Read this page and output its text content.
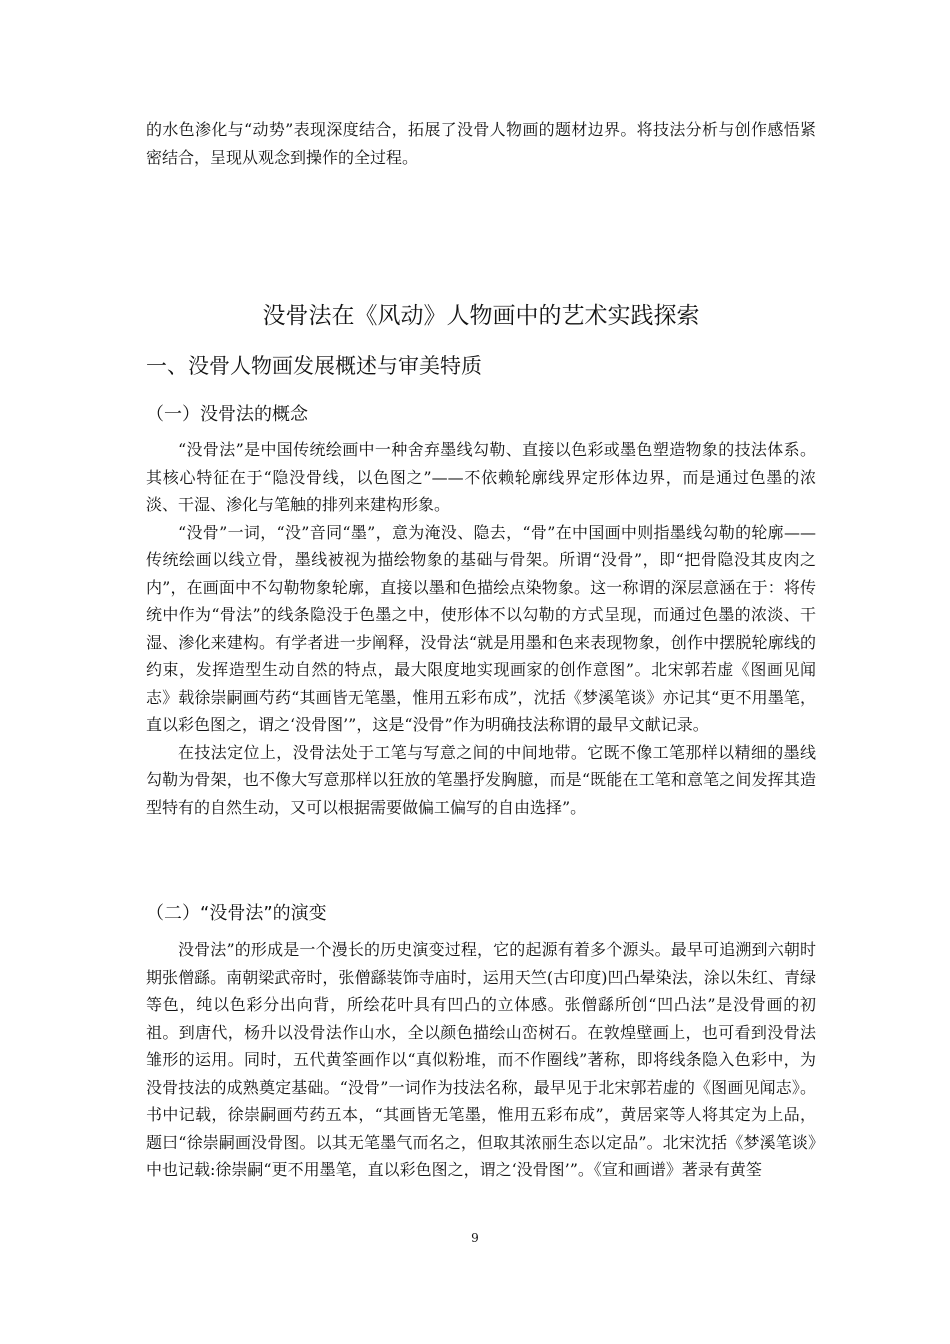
的水色渗化与“动势”表现深度结合，拓展了没骨人物画的题材边界。将技法分析与创作感悟紧密结合，呈现从观念到操作的全过程。

没骨法在《风动》人物画中的艺术实践探索
一、没骨人物画发展概述与审美特质
（一）没骨法的概念

“没骨法”是中国传统绘画中一种舍弃墨线勾勒、直接以色彩或墨色塑造物象的技法体系。其核心特征在于“隐没骨线，以色图之”——不依赖轮廓线界定形体边界，而是通过色墨的浓淡、干湿、渗化与笔触的排列来建构形象。

“没骨”一词，“没”音同“墨”，意为淹没、隐去，“骨”在中国画中则指墨线勾勒的轮廓——传统绘画以线立骨，墨线被视为描绘物象的基础与骨架。所谓“没骨”，即“把骨隐没其皮肉之内”，在画面中不勾勒物象轮廓，直接以墨和色描绘点染物象。这一称谓的深层意涵在于：将传统中作为“骨法”的线条隐没于色墨之中，使形体不以勾勒的方式呈现，而通过色墨的浓淡、干湿、渗化来建构。有学者进一步阐释，没骨法“就是用墨和色来表现物象，创作中摆脱轮廓线的约束，发挥造型生动自然的特点，最大限度地实现画家的创作意图”。北宋郭若虚《图画见闻志》载徐崇嗣画芍药“其画皆无笔墨，惟用五彩布成”，沈括《梦溪笔谈》亦记其“更不用墨笔，直以彩色图之，谓之‘没骨图’”，这是“没骨”作为明确技法称谓的最早文献记录。

在技法定位上，没骨法处于工笔与写意之间的中间地带。它既不像工笔那样以精细的墨线勾勒为骨架，也不像大写意那样以狂放的笔墨抒发胸臆，而是“既能在工笔和意笔之间发挥其造型特有的自然生动，又可以根据需要做偏工偏写的自由选择”。

（二）“没骨法”的演变

没骨法”的形成是一个漫长的历史演变过程，它的起源有着多个源头。最早可追溯到六朝时期张僧繇。南朝梁武帝时，张僧繇装饰寺庙时，运用天竺(古印度)凹凸晕染法，涂以朱红、青绿等色，纯以色彩分出向背，所绘花叶具有凹凸的立体感。张僧繇所创“凹凸法”是没骨画的初祖。到唐代，杨升以没骨法作山水，全以颜色描绘山峦树石。在敦煌壁画上，也可看到没骨法雏形的运用。同时，五代黄筌画作以“真似粉堆，而不作圈线”著称，即将线条隐入色彩中，为没骨技法的成熟奠定基础。“没骨”一词作为技法名称，最早见于北宋郭若虚的《图画见闻志》。书中记载，徐崇嗣画芍药五本，“其画皆无笔墨，惟用五彩布成”，黄居寀等人将其定为上品，题曰“徐崇嗣画没骨图。以其无笔墨气而名之，但取其浓丽生态以定品”。北宋沈括《梦溪笔谈》中也记载:徐崇嗣“更不用墨笔，直以彩色图之，谓之‘没骨图’”。《宣和画谱》著录有黄筌

9
